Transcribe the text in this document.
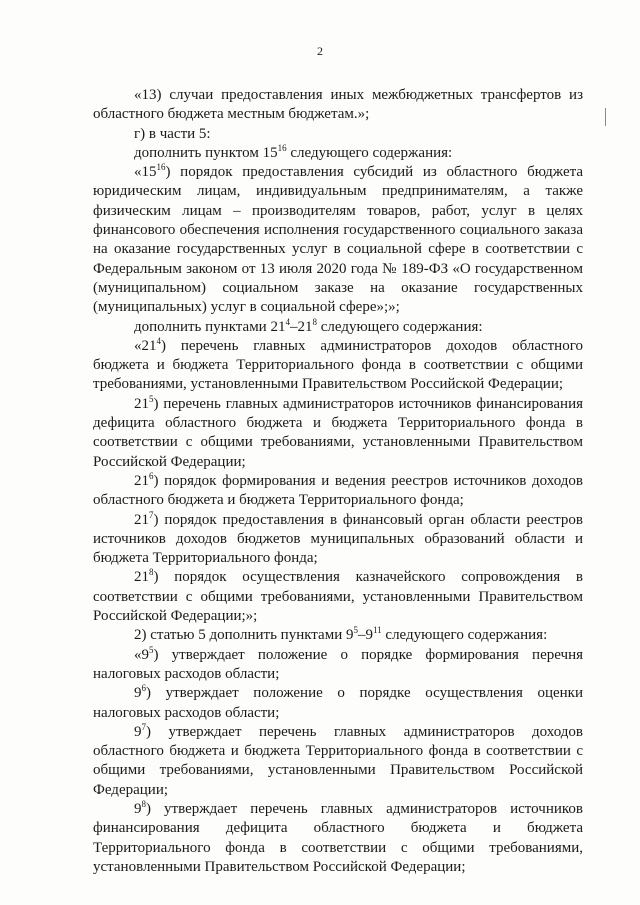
2

«13) случаи предоставления иных межбюджетных трансфертов из областного бюджета местным бюджетам.»;

г) в части 5:

дополнить пунктом $15^{16}$ следующего содержания:

«$15^{16}$) порядок предоставления субсидий из областного бюджета юридическим лицам, индивидуальным предпринимателям, а также физическим лицам – производителям товаров, работ, услуг в целях финансового обеспечения исполнения государственного социального заказа на оказание государственных услуг в социальной сфере в соответствии с Федеральным законом от 13 июля 2020 года № 189-ФЗ «О государственном (муниципальном) социальном заказе на оказание государственных (муниципальных) услуг в социальной сфере»;»;

дополнить пунктами $21^4-21^8$ следующего содержания:

«$21^4$) перечень главных администраторов доходов областного бюджета и бюджета Территориального фонда в соответствии с общими требованиями, установленными Правительством Российской Федерации;

$21^5$) перечень главных администраторов источников финансирования дефицита областного бюджета и бюджета Территориального фонда в соответствии с общими требованиями, установленными Правительством Российской Федерации;

$21^6$) порядок формирования и ведения реестров источников доходов областного бюджета и бюджета Территориального фонда;

$21^7$) порядок предоставления в финансовый орган области реестров источников доходов бюджетов муниципальных образований области и бюджета Территориального фонда;

$21^8$) порядок осуществления казначейского сопровождения в соответствии с общими требованиями, установленными Правительством Российской Федерации;»;

2) статью 5 дополнить пунктами $9^5-9^{11}$ следующего содержания:

«$9^5$) утверждает положение о порядке формирования перечня налоговых расходов области;

$9^6$) утверждает положение о порядке осуществления оценки налоговых расходов области;

$9^7$) утверждает перечень главных администраторов доходов областного бюджета и бюджета Территориального фонда в соответствии с общими требованиями, установленными Правительством Российской Федерации;

$9^8$) утверждает перечень главных администраторов источников финансирования дефицита областного бюджета и бюджета Территориального фонда в соответствии с общими требованиями, установленными Правительством Российской Федерации;
